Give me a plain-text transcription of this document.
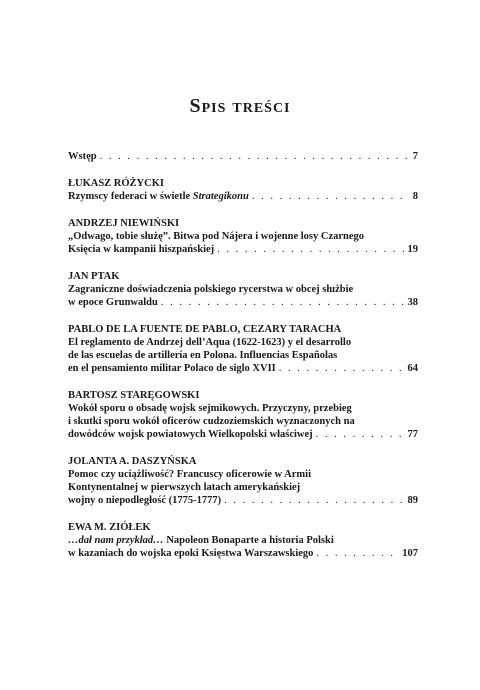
Spis treści
Wstęp . . .	7
ŁUKASZ RÓŻYCKI
Rzymscy federaci w świetle Strategikonu . . .	8
ANDRZEJ NIEWIŃSKI
„Odwago, tobie służę”. Bitwa pod Nájera i wojenne losy Czarnego
Księcia w kampanii hiszpańskiej . . .	19
JAN PTAK
Zagraniczne doświadczenia polskiego rycerstwa w obcej służbie
w epoce Grunwaldu . . .	38
PABLO DE LA FUENTE DE PABLO, CEZARY TARACHA
El reglamento de Andrzej dell’Aqua (1622-1623) y el desarrollo
de las escuelas de artillería en Polona. Influencias Españolas
en el pensamiento militar Polaco de siglo XVII . . .	64
BARTOSZ STARĘGOWSKI
Wokół sporu o obsadę wojsk sejmikowych. Przyczyny, przebieg
i skutki sporu wokół oficerów cudzoziemskich wyznaczonych na
dowódców wojsk powiatowych Wielkopolski właściwej . . .	77
JOLANTA A. DASZYŃSKA
Pomoc czy uciążliwość? Francuscy oficerowie w Armii
Kontynentalnej w pierwszych latach amerykańskiej
wojny o niepodległość (1775-1777) . . .	89
EWA M. ZIÓŁEK
…dał nam przykład… Napoleon Bonaparte a historia Polski
w kazaniach do wojska epoki Księstwa Warszawskiego . . .	107
